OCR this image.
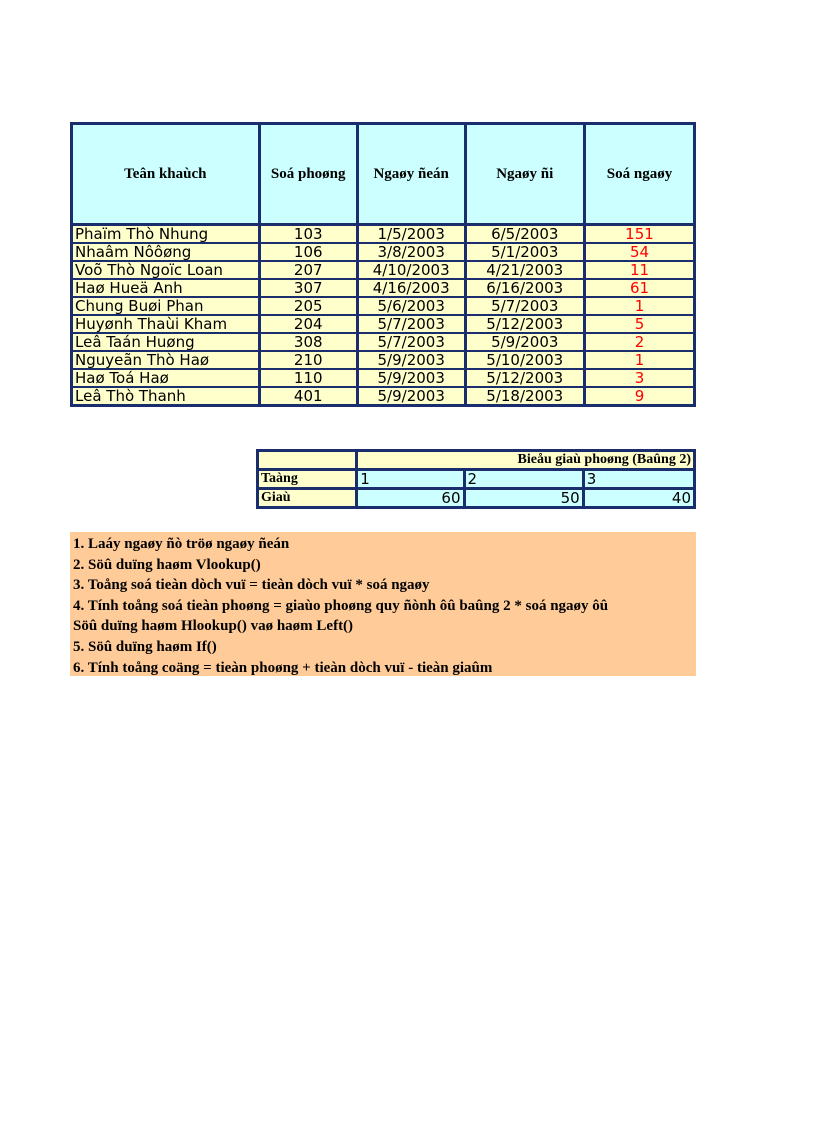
Teân khaùch	Soá phoøng	Ngaøy ñeán	Ngaøy ñi	Soá ngaøy
Phaïm Thò Nhung	103	1/5/2003	6/5/2003	151
Nhaâm Nôôøng	106	3/8/2003	5/1/2003	54
Voõ Thò Ngoïc Loan	207	4/10/2003	4/21/2003	11
Haø Hueä Anh	307	4/16/2003	6/16/2003	61
Chung Buøi Phan	205	5/6/2003	5/7/2003	1
Huyønh Thaùi Kham	204	5/7/2003	5/12/2003	5
Leâ Taán Huøng	308	5/7/2003	5/9/2003	2
Nguyeãn Thò Haø	210	5/9/2003	5/10/2003	1
Haø Toá Haø	110	5/9/2003	5/12/2003	3
Leâ Thò Thanh	401	5/9/2003	5/18/2003	9
	Bieåu giaù phoøng (Baûng 2)		
Taàng	1	2	3
Giaù	60	50	40
1. Laáy ngaøy ñò tröø ngaøy ñeán
2. Söû duïng haøm Vlookup()
3. Toång soá tieàn dòch vuï = tieàn dòch vuï * soá ngaøy
4. Tính toång soá tieàn phoøng = giaùo phoøng quy ñònh ôû baûng 2 * soá ngaøy ôû
Söû duïng haøm Hlookup() vaø haøm Left()
5. Söû duïng haøm If()
6. Tính toång coäng = tieàn phoøng + tieàn dòch vuï - tieàn giaûm
